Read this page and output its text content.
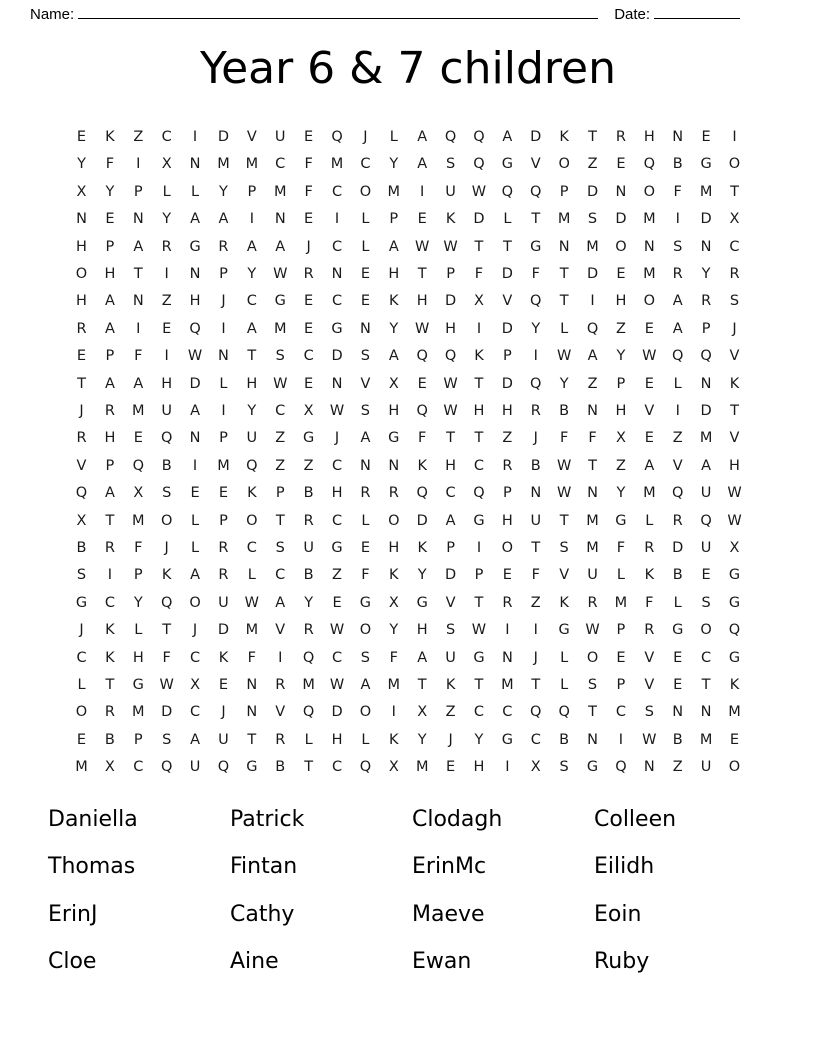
Name:	Date:
Year 6 & 7 children
E	K	Z	C	I	D	V	U	E	Q	J	L	A	Q	Q	A	D	K	T	R	H	N	E	I
Y	F	I	X	N	M	M	C	F	M	C	Y	A	S	Q	G	V	O	Z	E	Q	B	G	O
X	Y	P	L	L	Y	P	M	F	C	O	M	I	U	W	Q	Q	P	D	N	O	F	M	T
N	E	N	Y	A	A	I	N	E	I	L	P	E	K	D	L	T	M	S	D	M	I	D	X
H	P	A	R	G	R	A	A	J	C	L	A	W	W	T	T	G	N	M	O	N	S	N	C
O	H	T	I	N	P	Y	W	R	N	E	H	T	P	F	D	F	T	D	E	M	R	Y	R
H	A	N	Z	H	J	C	G	E	C	E	K	H	D	X	V	Q	T	I	H	O	A	R	S
R	A	I	E	Q	I	A	M	E	G	N	Y	W	H	I	D	Y	L	Q	Z	E	A	P	J
E	P	F	I	W	N	T	S	C	D	S	A	Q	Q	K	P	I	W	A	Y	W	Q	Q	V
T	A	A	H	D	L	H	W	E	N	V	X	E	W	T	D	Q	Y	Z	P	E	L	N	K
J	R	M	U	A	I	Y	C	X	W	S	H	Q	W	H	H	R	B	N	H	V	I	D	T
R	H	E	Q	N	P	U	Z	G	J	A	G	F	T	T	Z	J	F	F	X	E	Z	M	V
V	P	Q	B	I	M	Q	Z	Z	C	N	N	K	H	C	R	B	W	T	Z	A	V	A	H
Q	A	X	S	E	E	K	P	B	H	R	R	Q	C	Q	P	N	W	N	Y	M	Q	U	W
X	T	M	O	L	P	O	T	R	C	L	O	D	A	G	H	U	T	M	G	L	R	Q	W
B	R	F	J	L	R	C	S	U	G	E	H	K	P	I	O	T	S	M	F	R	D	U	X
S	I	P	K	A	R	L	C	B	Z	F	K	Y	D	P	E	F	V	U	L	K	B	E	G
G	C	Y	Q	O	U	W	A	Y	E	G	X	G	V	T	R	Z	K	R	M	F	L	S	G
J	K	L	T	J	D	M	V	R	W	O	Y	H	S	W	I	I	G	W	P	R	G	O	Q
C	K	H	F	C	K	F	I	Q	C	S	F	A	U	G	N	J	L	O	E	V	E	C	G
L	T	G	W	X	E	N	R	M	W	A	M	T	K	T	M	T	L	S	P	V	E	T	K
O	R	M	D	C	J	N	V	Q	D	O	I	X	Z	C	C	Q	Q	T	C	S	N	N	M
E	B	P	S	A	U	T	R	L	H	L	K	Y	J	Y	G	C	B	N	I	W	B	M	E
M	X	C	Q	U	Q	G	B	T	C	Q	X	M	E	H	I	X	S	G	Q	N	Z	U	O
Daniella	Patrick	Clodagh	Colleen
Thomas	Fintan	ErinMc	Eilidh
ErinJ	Cathy	Maeve	Eoin
Cloe	Aine	Ewan	Ruby
